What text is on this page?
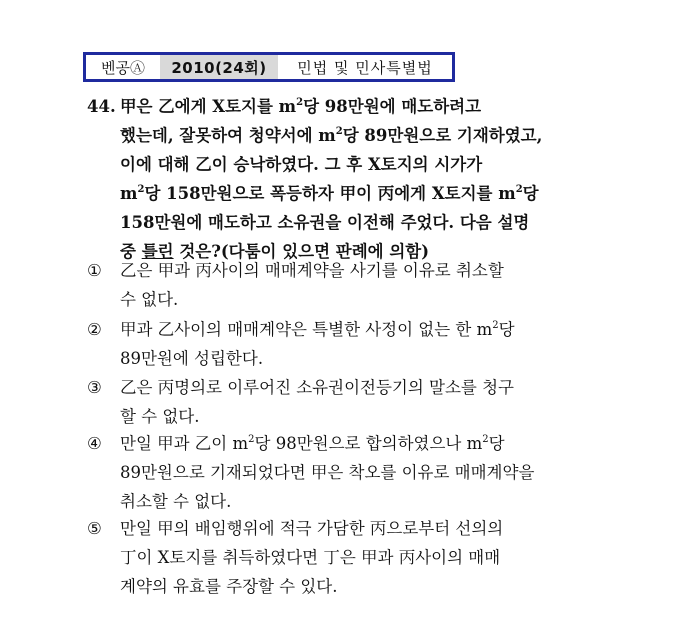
벤공Ⓐ	2010(24회)	민법 및 민사특별법
44. 甲은 乙에게 X토지를 $m^2$당 98만원에 매도하려고
했는데, 잘못하여 청약서에 $m^2$당 89만원으로 기재하였고,
이에 대해 乙이 승낙하였다. 그 후 X토지의 시가가
$m^2$당 158만원으로 폭등하자 甲이 丙에게 X토지를 $m^2$당
158만원에 매도하고 소유권을 이전해 주었다. 다음 설명
중 틀린 것은?(다툼이 있으면 판례에 의함)
① 乙은 甲과 丙사이의 매매계약을 사기를 이유로 취소할
수 없다.
② 甲과 乙사이의 매매계약은 특별한 사정이 없는 한 $m^2$당
89만원에 성립한다.
③ 乙은 丙명의로 이루어진 소유권이전등기의 말소를 청구
할 수 없다.
④ 만일 甲과 乙이 $m^2$당 98만원으로 합의하였으나 $m^2$당
89만원으로 기재되었다면 甲은 착오를 이유로 매매계약을
취소할 수 없다.
⑤ 만일 甲의 배임행위에 적극 가담한 丙으로부터 선의의
丁이 X토지를 취득하였다면 丁은 甲과 丙사이의 매매
계약의 유효를 주장할 수 있다.
